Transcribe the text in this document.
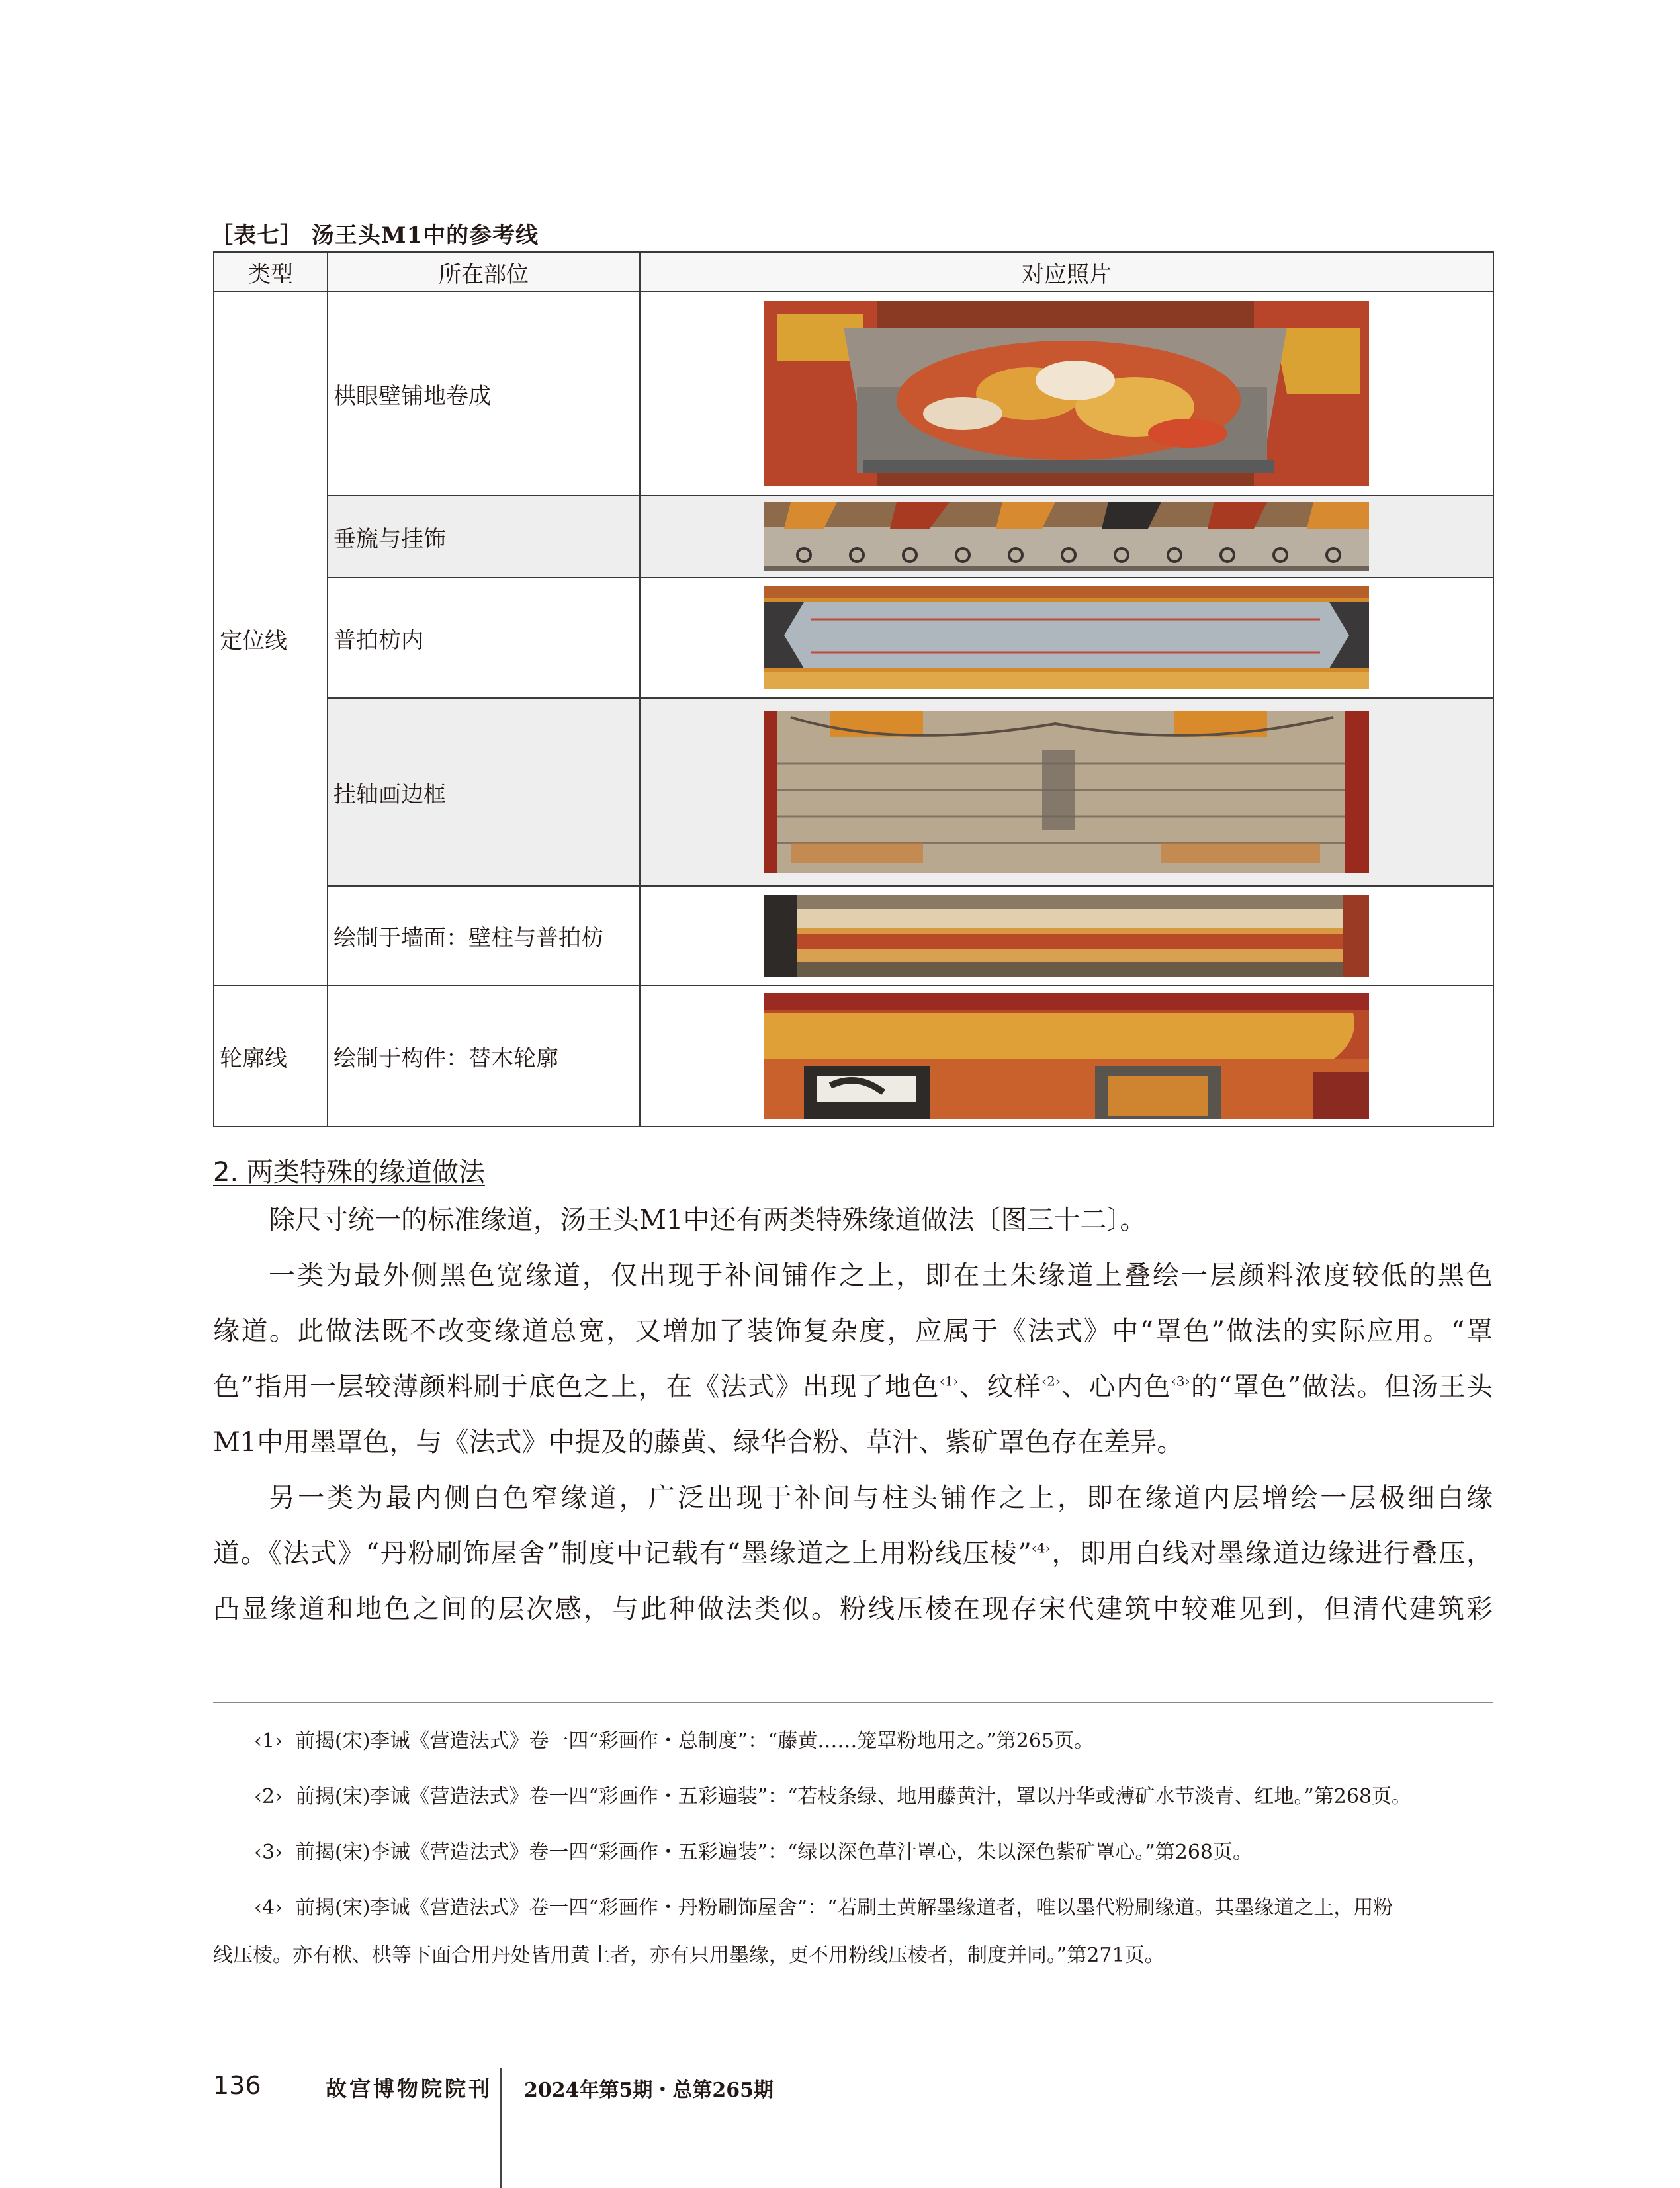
［表七］ 汤王头M1中的参考线
类型	所在部位	对应照片
定位线	栱眼壁铺地卷成	

	垂旒与挂饰	

	普拍枋内	

	挂轴画边框	

	绘制于墙面：壁柱与普拍枋	

轮廓线	绘制于构件：替木轮廓	
2. 两类特殊的缘道做法
除尺寸统一的标准缘道，汤王头M1中还有两类特殊缘道做法〔图三十二〕。
一类为最外侧黑色宽缘道，仅出现于补间铺作之上，即在土朱缘道上叠绘一层颜料浓度较低的黑色
缘道。此做法既不改变缘道总宽，又增加了装饰复杂度，应属于《法式》中“罩色”做法的实际应用。“罩
色”指用一层较薄颜料刷于底色之上，在《法式》出现了地色$^{‹1›}$、纹样$^{‹2›}$、心内色$^{‹3›}$的“罩色”做法。但汤王头
M1中用墨罩色，与《法式》中提及的藤黄、绿华合粉、草汁、紫矿罩色存在差异。
另一类为最内侧白色窄缘道，广泛出现于补间与柱头铺作之上，即在缘道内层增绘一层极细白缘
道。《法式》“丹粉刷饰屋舍”制度中记载有“墨缘道之上用粉线压棱”$^{‹4›}$，即用白线对墨缘道边缘进行叠压，
凸显缘道和地色之间的层次感，与此种做法类似。粉线压棱在现存宋代建筑中较难见到，但清代建筑彩
‹1› 前揭(宋)李诫《营造法式》卷一四“彩画作・总制度”：“藤黄……笼罩粉地用之。”第265页。
‹2› 前揭(宋)李诫《营造法式》卷一四“彩画作・五彩遍装”：“若枝条绿、地用藤黄汁，罩以丹华或薄矿水节淡青、红地。”第268页。
‹3› 前揭(宋)李诫《营造法式》卷一四“彩画作・五彩遍装”：“绿以深色草汁罩心，朱以深色紫矿罩心。”第268页。
‹4› 前揭(宋)李诫《营造法式》卷一四“彩画作・丹粉刷饰屋舍”：“若刷土黄解墨缘道者，唯以墨代粉刷缘道。其墨缘道之上，用粉
线压棱。亦有栿、栱等下面合用丹处皆用黄土者，亦有只用墨缘，更不用粉线压棱者，制度并同。”第271页。
136	故宫博物院院刊 2024年第5期・总第265期
